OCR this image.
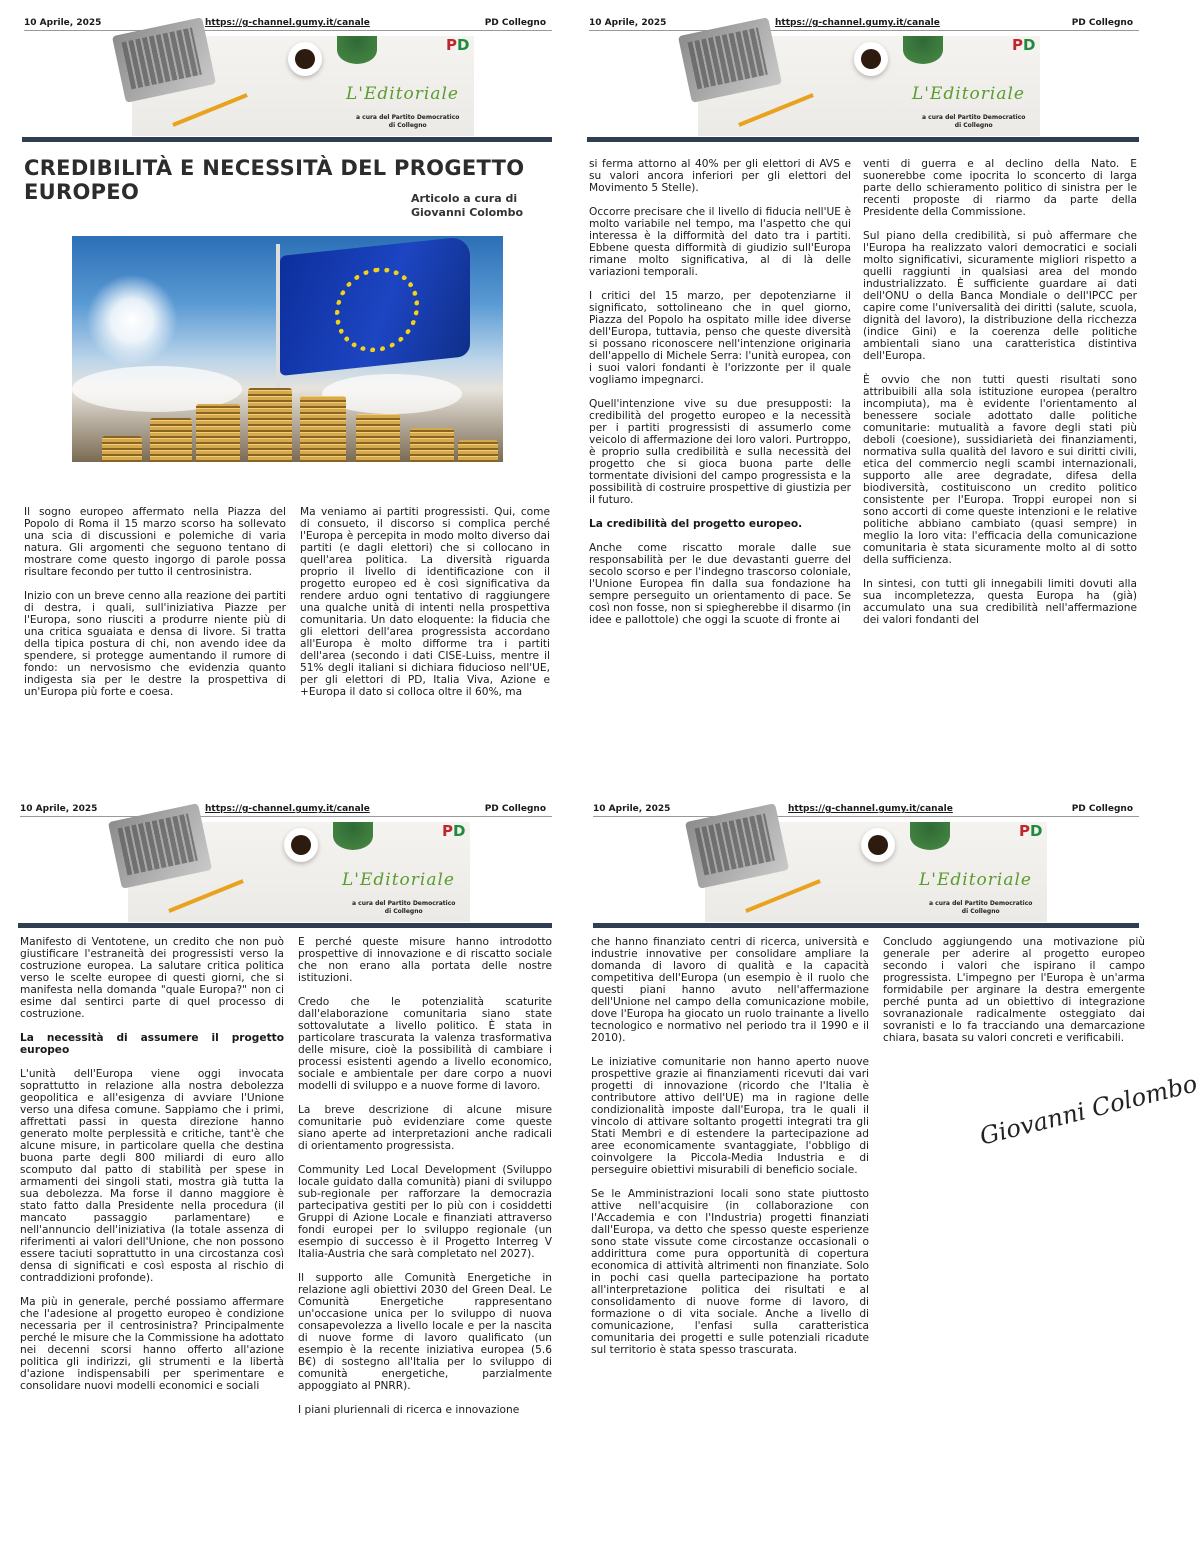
10 Aprile, 2025	https://g-channel.gumy.it/canale	PD Collegno
PD
L'Editoriale
a cura del Partito Democratico
di Collegno
CREDIBILITÀ E NECESSITÀ DEL PROGETTO EUROPEO	Articolo a cura di
Giovanni Colombo

Il sogno europeo affermato nella Piazza del Popolo di Roma il 15 marzo scorso ha sollevato una scia di discussioni e polemiche di varia natura. Gli argomenti che seguono tentano di mostrare come questo ingorgo di parole possa risultare fecondo per tutto il centrosinistra.

Inizio con un breve cenno alla reazione dei partiti di destra, i quali, sull'iniziativa Piazze per l'Europa, sono riusciti a produrre niente più di una critica sguaiata e densa di livore. Si tratta della tipica postura di chi, non avendo idee da spendere, si protegge aumentando il rumore di fondo: un nervosismo che evidenzia quanto indigesta sia per le destre la prospettiva di un'Europa più forte e coesa.

Ma veniamo ai partiti progressisti. Qui, come di consueto, il discorso si complica perché l'Europa è percepita in modo molto diverso dai partiti (e dagli elettori) che si collocano in quell'area politica. La diversità riguarda proprio il livello di identificazione con il progetto europeo ed è così significativa da rendere arduo ogni tentativo di raggiungere una qualche unità di intenti nella prospettiva comunitaria. Un dato eloquente: la fiducia che gli elettori dell'area progressista accordano all'Europa è molto difforme tra i partiti dell'area (secondo i dati CISE-Luiss, mentre il 51% degli italiani si dichiara fiducioso nell'UE, per gli elettori di PD, Italia Viva, Azione e +Europa il dato si colloca oltre il 60%, ma

10 Aprile, 2025	https://g-channel.gumy.it/canale	PD Collegno
PD
L'Editoriale
a cura del Partito Democratico
di Collegno

si ferma attorno al 40% per gli elettori di AVS e su valori ancora inferiori per gli elettori del Movimento 5 Stelle).

Occorre precisare che il livello di fiducia nell'UE è molto variabile nel tempo, ma l'aspetto che qui interessa è la difformità del dato tra i partiti. Ebbene questa difformità di giudizio sull'Europa rimane molto significativa, al di là delle variazioni temporali.

I critici del 15 marzo, per depotenziarne il significato, sottolineano che in quel giorno, Piazza del Popolo ha ospitato mille idee diverse dell'Europa, tuttavia, penso che queste diversità si possano riconoscere nell'intenzione originaria dell'appello di Michele Serra: l'unità europea, con i suoi valori fondanti è l'orizzonte per il quale vogliamo impegnarci.

Quell'intenzione vive su due presupposti: la credibilità del progetto europeo e la necessità per i partiti progressisti di assumerlo come veicolo di affermazione dei loro valori. Purtroppo, è proprio sulla credibilità e sulla necessità del progetto che si gioca buona parte delle tormentate divisioni del campo progressista e la possibilità di costruire prospettive di giustizia per il futuro.

La credibilità del progetto europeo.

Anche come riscatto morale dalle sue responsabilità per le due devastanti guerre del secolo scorso e per l'indegno trascorso coloniale, l'Unione Europea fin dalla sua fondazione ha sempre perseguito un orientamento di pace. Se così non fosse, non si spiegherebbe il disarmo (in idee e pallottole) che oggi la scuote di fronte ai

venti di guerra e al declino della Nato. E suonerebbe come ipocrita lo sconcerto di larga parte dello schieramento politico di sinistra per le recenti proposte di riarmo da parte della Presidente della Commissione.

Sul piano della credibilità, si può affermare che l'Europa ha realizzato valori democratici e sociali molto significativi, sicuramente migliori rispetto a quelli raggiunti in qualsiasi area del mondo industrializzato. È sufficiente guardare ai dati dell'ONU o della Banca Mondiale o dell'IPCC per capire come l'universalità dei diritti (salute, scuola, dignità del lavoro), la distribuzione della ricchezza (indice Gini) e la coerenza delle politiche ambientali siano una caratteristica distintiva dell'Europa.

È ovvio che non tutti questi risultati sono attribuibili alla sola istituzione europea (peraltro incompiuta), ma è evidente l'orientamento al benessere sociale adottato dalle politiche comunitarie: mutualità a favore degli stati più deboli (coesione), sussidiarietà dei finanziamenti, normativa sulla qualità del lavoro e sui diritti civili, etica del commercio negli scambi internazionali, supporto alle aree degradate, difesa della biodiversità, costituiscono un credito politico consistente per l'Europa. Troppi europei non si sono accorti di come queste intenzioni e le relative politiche abbiano cambiato (quasi sempre) in meglio la loro vita: l'efficacia della comunicazione comunitaria è stata sicuramente molto al di sotto della sufficienza.

In sintesi, con tutti gli innegabili limiti dovuti alla sua incompletezza, questa Europa ha (già) accumulato una sua credibilità nell'affermazione dei valori fondanti del

10 Aprile, 2025	https://g-channel.gumy.it/canale	PD Collegno
PD
L'Editoriale
a cura del Partito Democratico
di Collegno

Manifesto di Ventotene, un credito che non può giustificare l'estraneità dei progressisti verso la costruzione europea. La salutare critica politica verso le scelte europee di questi giorni, che si manifesta nella domanda "quale Europa?" non ci esime dal sentirci parte di quel processo di costruzione.

La necessità di assumere il progetto europeo

L'unità dell'Europa viene oggi invocata soprattutto in relazione alla nostra debolezza geopolitica e all'esigenza di avviare l'Unione verso una difesa comune. Sappiamo che i primi, affrettati passi in questa direzione hanno generato molte perplessità e critiche, tant'è che alcune misure, in particolare quella che destina buona parte degli 800 miliardi di euro allo scomputo dal patto di stabilità per spese in armamenti dei singoli stati, mostra già tutta la sua debolezza. Ma forse il danno maggiore è stato fatto dalla Presidente nella procedura (il mancato passaggio parlamentare) e nell'annuncio dell'iniziativa (la totale assenza di riferimenti ai valori dell'Unione, che non possono essere taciuti soprattutto in una circostanza così densa di significati e così esposta al rischio di contraddizioni profonde).

Ma più in generale, perché possiamo affermare che l'adesione al progetto europeo è condizione necessaria per il centrosinistra? Principalmente perché le misure che la Commissione ha adottato nei decenni scorsi hanno offerto all'azione politica gli indirizzi, gli strumenti e la libertà d'azione indispensabili per sperimentare e consolidare nuovi modelli economici e sociali

E perché queste misure hanno introdotto prospettive di innovazione e di riscatto sociale che non erano alla portata delle nostre istituzioni.

Credo che le potenzialità scaturite dall'elaborazione comunitaria siano state sottovalutate a livello politico. È stata in particolare trascurata la valenza trasformativa delle misure, cioè la possibilità di cambiare i processi esistenti agendo a livello economico, sociale e ambientale per dare corpo a nuovi modelli di sviluppo e a nuove forme di lavoro.

La breve descrizione di alcune misure comunitarie può evidenziare come queste siano aperte ad interpretazioni anche radicali di orientamento progressista.

Community Led Local Development (Sviluppo locale guidato dalla comunità) piani di sviluppo sub-regionale per rafforzare la democrazia partecipativa gestiti per lo più con i cosiddetti Gruppi di Azione Locale e finanziati attraverso fondi europei per lo sviluppo regionale (un esempio di successo è il Progetto Interreg V Italia-Austria che sarà completato nel 2027).

Il supporto alle Comunità Energetiche in relazione agli obiettivi 2030 del Green Deal. Le Comunità Energetiche rappresentano un'occasione unica per lo sviluppo di nuova consapevolezza a livello locale e per la nascita di nuove forme di lavoro qualificato (un esempio è la recente iniziativa europea (5.6 B€) di sostegno all'Italia per lo sviluppo di comunità energetiche, parzialmente appoggiato al PNRR).

I piani pluriennali di ricerca e innovazione

10 Aprile, 2025	https://g-channel.gumy.it/canale	PD Collegno
PD
L'Editoriale
a cura del Partito Democratico
di Collegno

che hanno finanziato centri di ricerca, università e industrie innovative per consolidare ampliare la domanda di lavoro di qualità e la capacità competitiva dell'Europa (un esempio è il ruolo che questi piani hanno avuto nell'affermazione dell'Unione nel campo della comunicazione mobile, dove l'Europa ha giocato un ruolo trainante a livello tecnologico e normativo nel periodo tra il 1990 e il 2010).

Le iniziative comunitarie non hanno aperto nuove prospettive grazie ai finanziamenti ricevuti dai vari progetti di innovazione (ricordo che l'Italia è contributore attivo dell'UE) ma in ragione delle condizionalità imposte dall'Europa, tra le quali il vincolo di attivare soltanto progetti integrati tra gli Stati Membri e di estendere la partecipazione ad aree economicamente svantaggiate, l'obbligo di coinvolgere la Piccola-Media Industria e di perseguire obiettivi misurabili di beneficio sociale.

Se le Amministrazioni locali sono state piuttosto attive nell'acquisire (in collaborazione con l'Accademia e con l'Industria) progetti finanziati dall'Europa, va detto che spesso queste esperienze sono state vissute come circostanze occasionali o addirittura come pura opportunità di copertura economica di attività altrimenti non finanziate. Solo in pochi casi quella partecipazione ha portato all'interpretazione politica dei risultati e al consolidamento di nuove forme di lavoro, di formazione o di vita sociale. Anche a livello di comunicazione, l'enfasi sulla caratteristica comunitaria dei progetti e sulle potenziali ricadute sul territorio è stata spesso trascurata.

Concludo aggiungendo una motivazione più generale per aderire al progetto europeo secondo i valori che ispirano il campo progressista. L'impegno per l'Europa è un'arma formidabile per arginare la destra emergente perché punta ad un obiettivo di integrazione sovranazionale radicalmente osteggiato dai sovranisti e lo fa tracciando una demarcazione chiara, basata su valori concreti e verificabili.

Giovanni Colombo
